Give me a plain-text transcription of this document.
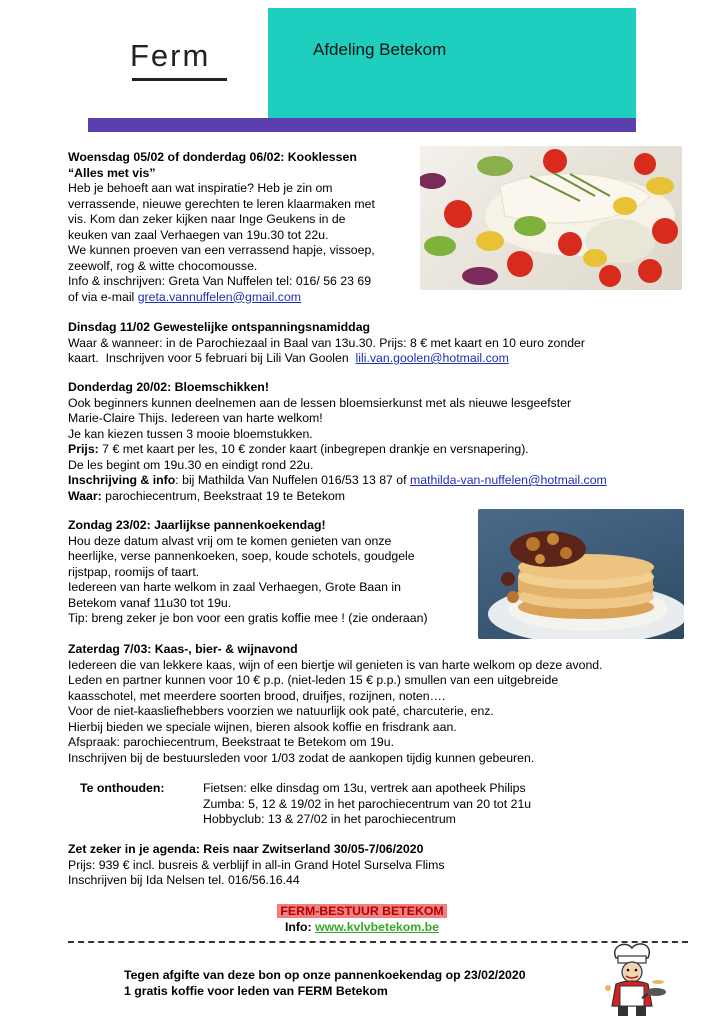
Ferm	Afdeling Betekom
Woensdag 05/02 of donderdag 06/02: Kooklessen
“Alles met vis”
Heb je behoeft aan wat inspiratie? Heb je zin om
verrassende, nieuwe gerechten te leren klaarmaken met
vis. Kom dan zeker kijken naar Inge Geukens in de
keuken van zaal Verhaegen van 19u.30 tot 22u.
We kunnen proeven van een verrassend hapje, vissoep,
zeewolf, rog & witte chocomousse.
Info & inschrijven: Greta Van Nuffelen tel: 016/ 56 23 69
of via e-mail greta.vannuffelen@gmail.com
Dinsdag 11/02 Gewestelijke ontspanningsnamiddag
Waar & wanneer: in de Parochiezaal in Baal van 13u.30. Prijs: 8 € met kaart en 10 euro zonder
kaart.  Inschrijven voor 5 februari bij Lili Van Goolen  lili.van.goolen@hotmail.com
Donderdag 20/02: Bloemschikken!
Ook beginners kunnen deelnemen aan de lessen bloemsierkunst met als nieuwe lesgeefster
Marie-Claire Thijs. Iedereen van harte welkom!
Je kan kiezen tussen 3 mooie bloemstukken.
Prijs: 7 € met kaart per les, 10 € zonder kaart (inbegrepen drankje en versnapering).
De les begint om 19u.30 en eindigt rond 22u.
Inschrijving & info: bij Mathilda Van Nuffelen 016/53 13 87 of mathilda-van-nuffelen@hotmail.com
Waar: parochiecentrum, Beekstraat 19 te Betekom
Zondag 23/02: Jaarlijkse pannenkoekendag!
Hou deze datum alvast vrij om te komen genieten van onze
heerlijke, verse pannenkoeken, soep, koude schotels, goudgele
rijstpap, roomijs of taart.
Iedereen van harte welkom in zaal Verhaegen, Grote Baan in
Betekom vanaf 11u30 tot 19u.
Tip: breng zeker je bon voor een gratis koffie mee ! (zie onderaan)
Zaterdag 7/03: Kaas-, bier- & wijnavond
Iedereen die van lekkere kaas, wijn of een biertje wil genieten is van harte welkom op deze avond.
Leden en partner kunnen voor 10 € p.p. (niet-leden 15 € p.p.) smullen van een uitgebreide
kaasschotel, met meerdere soorten brood, druifjes, rozijnen, noten….
Voor de niet-kaasliefhebbers voorzien we natuurlijk ook paté, charcuterie, enz.
Hierbij bieden we speciale wijnen, bieren alsook koffie en frisdrank aan.
Afspraak: parochiecentrum, Beekstraat te Betekom om 19u.
Inschrijven bij de bestuursleden voor 1/03 zodat de aankopen tijdig kunnen gebeuren.
Te onthouden:	Fietsen: elke dinsdag om 13u, vertrek aan apotheek Philips
Zumba: 5, 12 & 19/02 in het parochiecentrum van 20 tot 21u
Hobbyclub: 13 & 27/02 in het parochiecentrum
Zet zeker in je agenda: Reis naar Zwitserland 30/05-7/06/2020
Prijs: 939 € incl. busreis & verblijf in all-in Grand Hotel Surselva Flims
Inschrijven bij Ida Nelsen tel. 016/56.16.44
FERM-BESTUUR BETEKOM
Info: www.kvlvbetekom.be
Tegen afgifte van deze bon op onze pannenkoekendag op 23/02/2020
1 gratis koffie voor leden van FERM Betekom
